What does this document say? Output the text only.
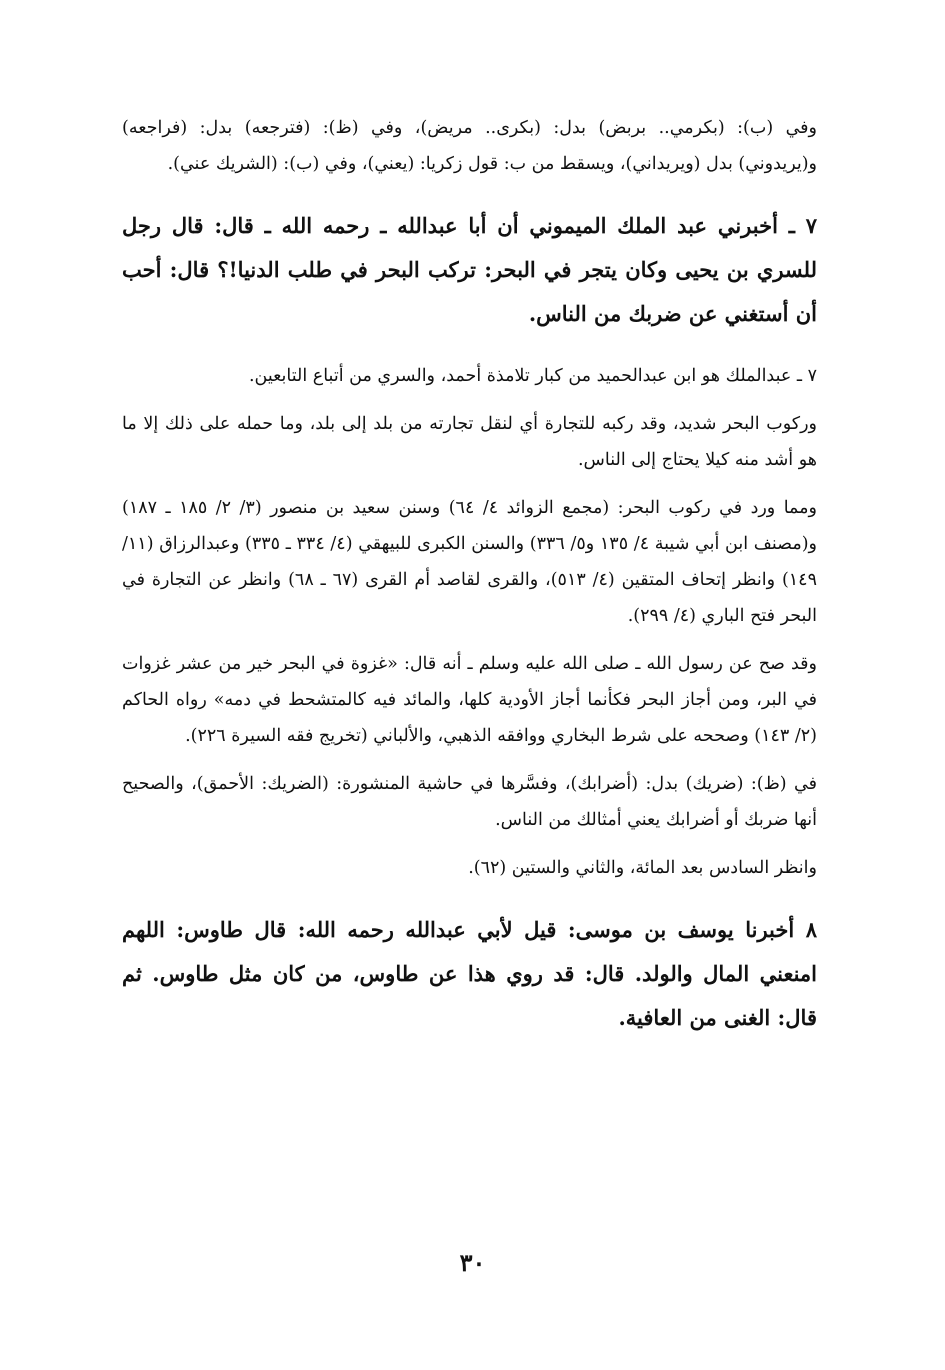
وفي (ب): (بكرمي.. بربض) بدل: (بكرى.. مريض)، وفي (ظ): (فترجعه) بدل: (فراجعه) و(يريدوني) بدل (ويريداني)، ويسقط من ب: قول زكريا: (يعني)، وفي (ب): (الشريك عني).

٧ ـ أخبرني عبد الملك الميموني أن أبا عبدالله ـ رحمه الله ـ قال: قال رجل للسري بن يحيى وكان يتجر في البحر: تركب البحر في طلب الدنيا!؟ قال: أحب أن أستغني عن ضربك من الناس.

٧ ـ عبدالملك هو ابن عبدالحميد من كبار تلامذة أحمد، والسري من أتباع التابعين.

وركوب البحر شديد، وقد ركبه للتجارة أي لنقل تجارته من بلد إلى بلد، وما حمله على ذلك إلا ما هو أشد منه كيلا يحتاج إلى الناس.

ومما ورد في ركوب البحر: (مجمع الزوائد ٤/ ٦٤) وسنن سعيد بن منصور (٣/ ٢/ ١٨٥ ـ ١٨٧) و(مصنف ابن أبي شيبة ٤/ ١٣٥ و٥/ ٣٣٦) والسنن الكبرى للبيهقي (٤/ ٣٣٤ ـ ٣٣٥) وعبدالرزاق (١١/ ١٤٩) وانظر إتحاف المتقين (٤/ ٥١٣)، والقرى لقاصد أم القرى (٦٧ ـ ٦٨) وانظر عن التجارة في البحر فتح الباري (٤/ ٢٩٩).

وقد صح عن رسول الله ـ صلى الله عليه وسلم ـ أنه قال: «غزوة في البحر خير من عشر غزوات في البر، ومن أجاز البحر فكأنما أجاز الأودية كلها، والمائد فيه كالمتشحط في دمه» رواه الحاكم (٢/ ١٤٣) وصححه على شرط البخاري ووافقه الذهبي، والألباني (تخريج فقه السيرة ٢٢٦).

في (ظ): (ضريك) بدل: (أضرابك)، وفسَّرها في حاشية المنشورة: (الضريك: الأحمق)، والصحيح أنها ضربك أو أضرابك يعني أمثالك من الناس.

وانظر السادس بعد المائة، والثاني والستين (٦٢).

٨ أخبرنا يوسف بن موسى: قيل لأبي عبدالله رحمه الله: قال طاوس: اللهم امنعني المال والولد. قال: قد روي هذا عن طاوس، من كان مثل طاوس. ثم قال: الغنى من العافية.

٣٠
